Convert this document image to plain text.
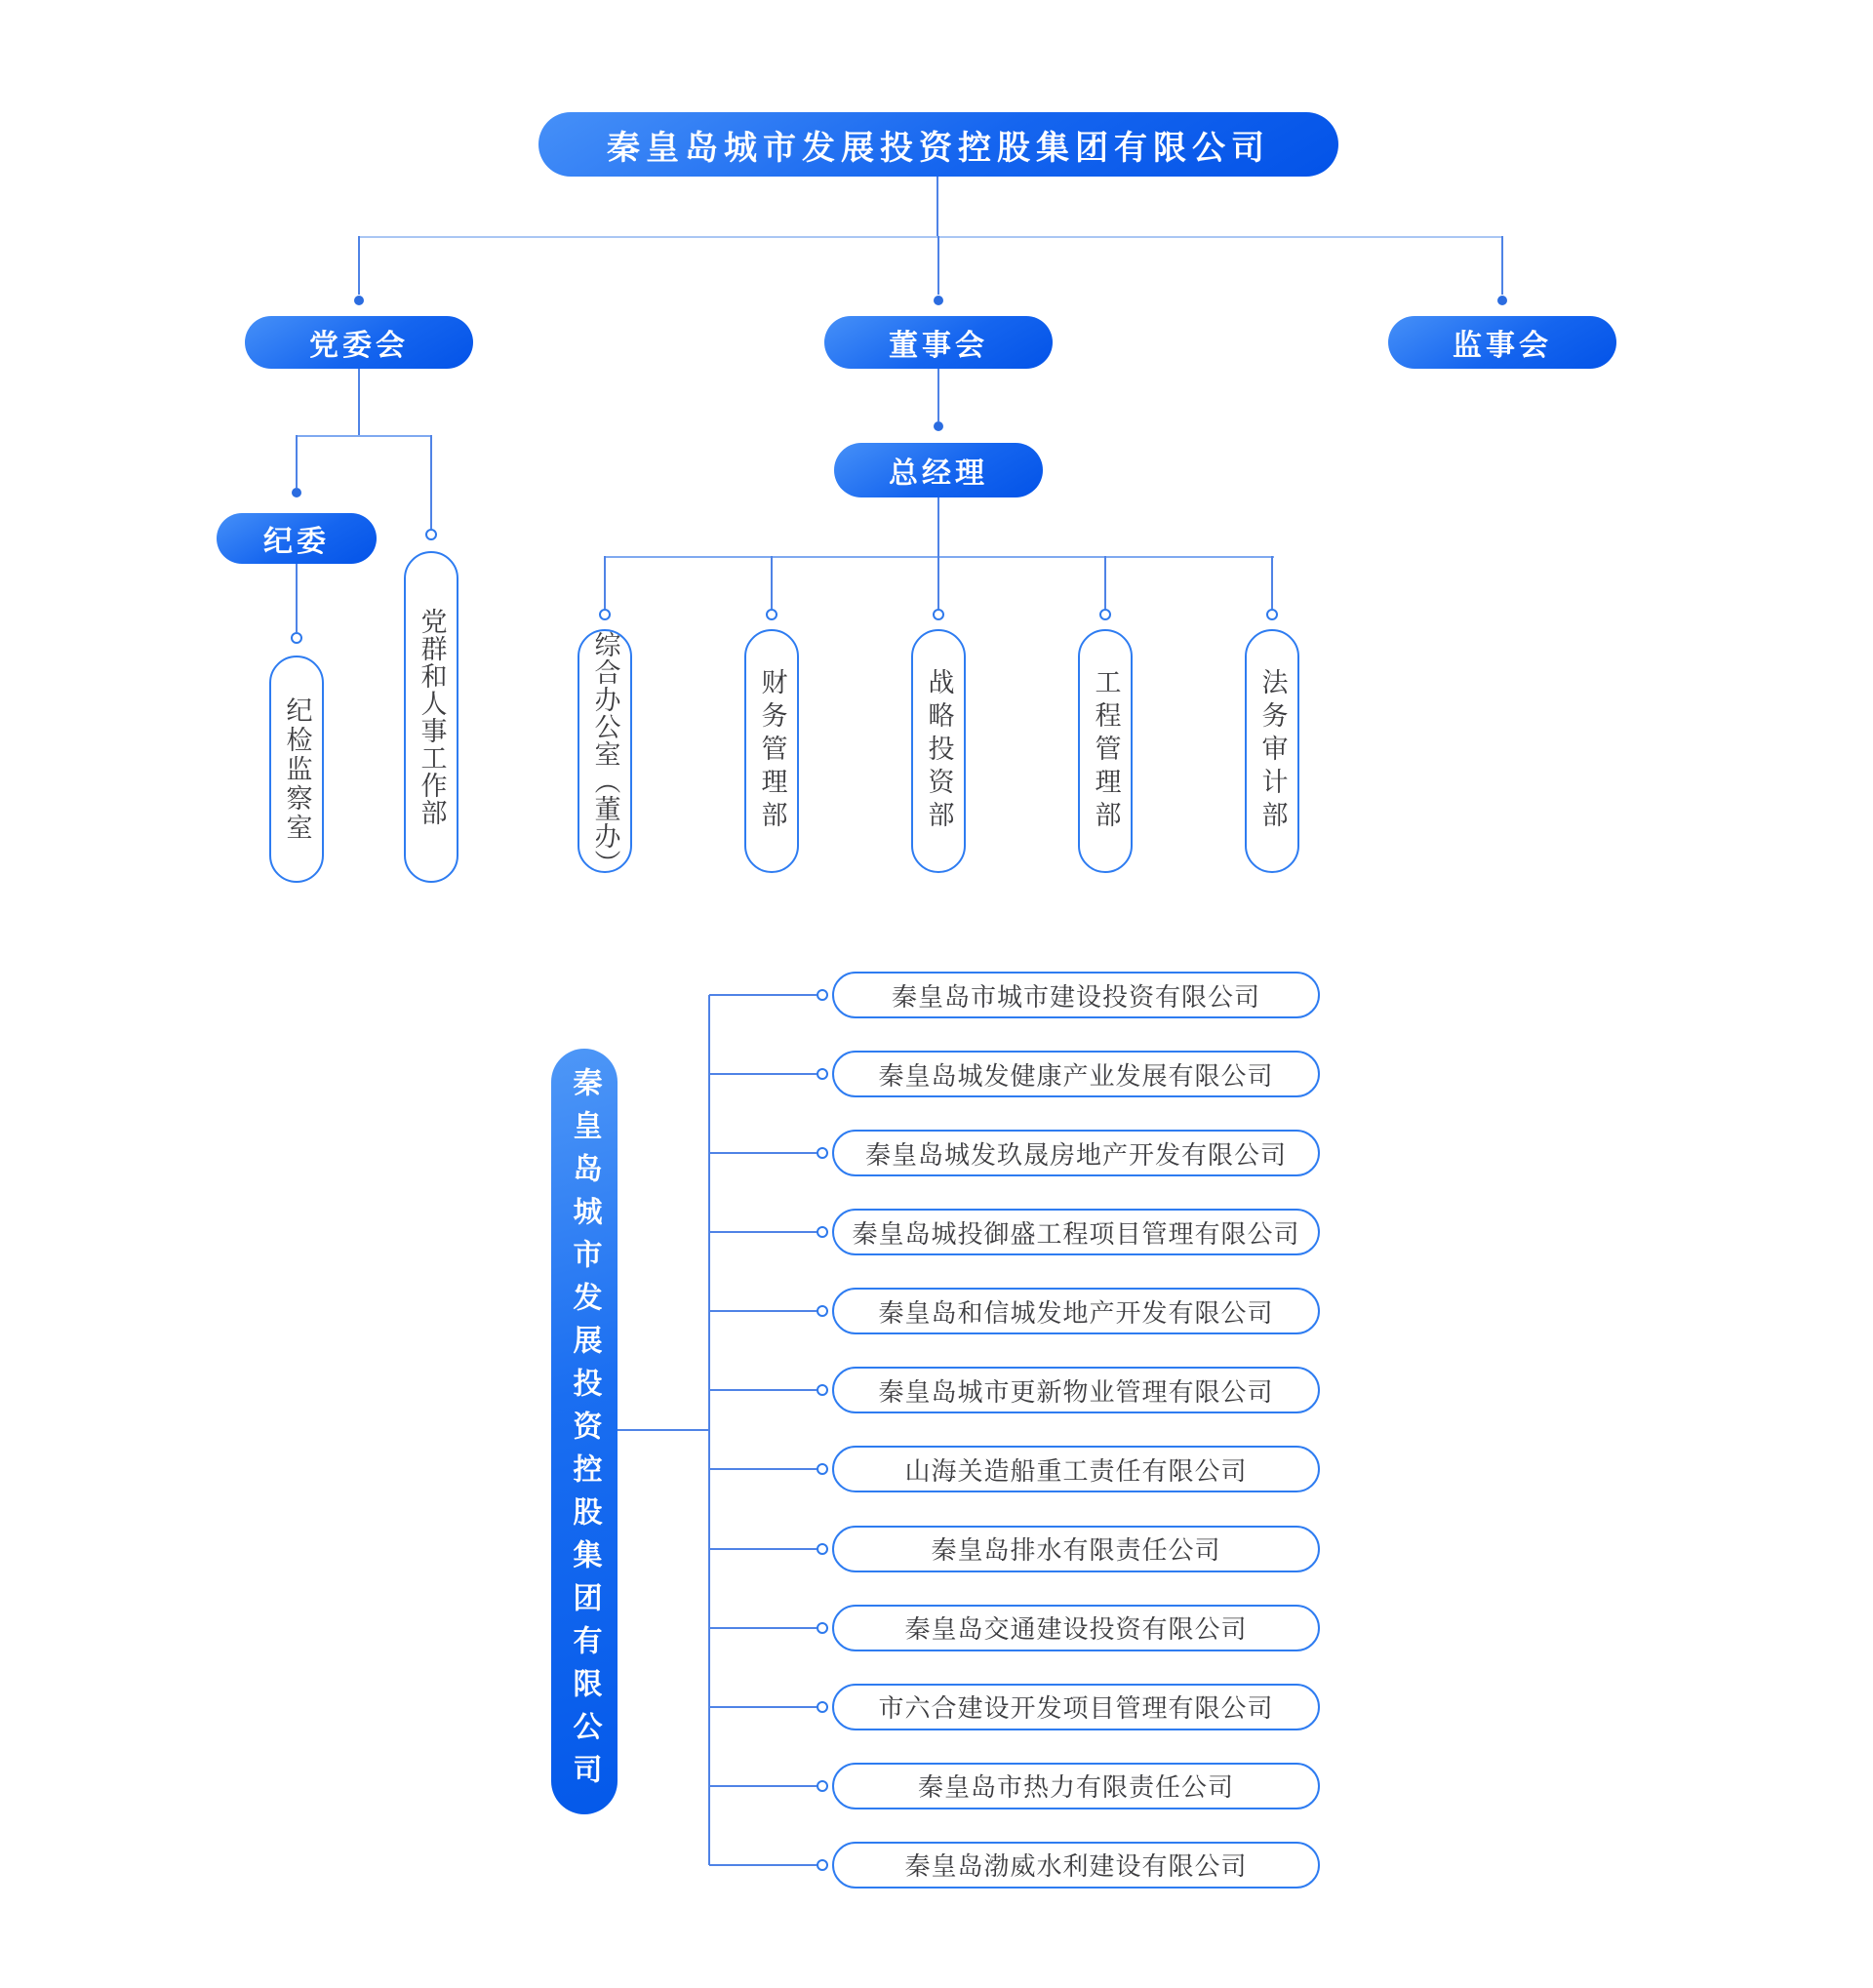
秦皇岛城市发展投资控股集团有限公司
党委会	董事会	监事会
纪委
纪检监察室	党群和人事工作部
总经理
综合办公室（董办）	财务管理部	战略投资部	工程管理部	法务审计部
秦皇岛城市发展投资控股集团有限公司
秦皇岛市城市建设投资有限公司
秦皇岛城发健康产业发展有限公司
秦皇岛城发玖晟房地产开发有限公司
秦皇岛城投御盛工程项目管理有限公司
秦皇岛和信城发地产开发有限公司
秦皇岛城市更新物业管理有限公司
山海关造船重工责任有限公司
秦皇岛排水有限责任公司
秦皇岛交通建设投资有限公司
市六合建设开发项目管理有限公司
秦皇岛市热力有限责任公司
秦皇岛渤威水利建设有限公司
